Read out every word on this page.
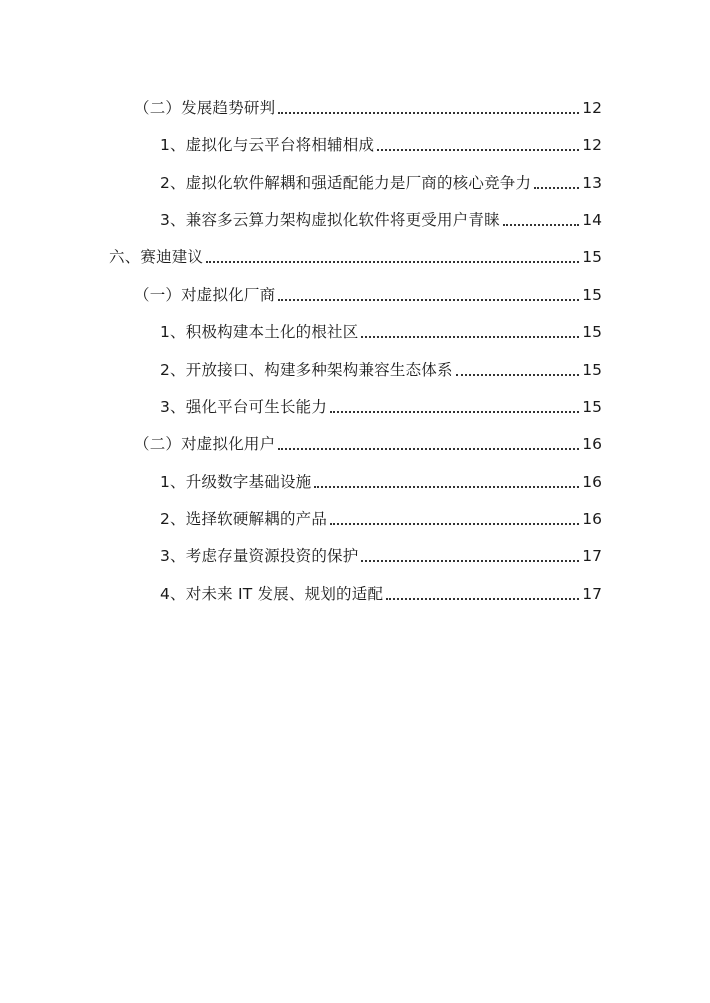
（二）发展趋势研判	12
1、虚拟化与云平台将相辅相成	12
2、虚拟化软件解耦和强适配能力是厂商的核心竞争力	13
3、兼容多云算力架构虚拟化软件将更受用户青睐	14
六、赛迪建议	15
（一）对虚拟化厂商	15
1、积极构建本土化的根社区	15
2、开放接口、构建多种架构兼容生态体系	15
3、强化平台可生长能力	15
（二）对虚拟化用户	16
1、升级数字基础设施	16
2、选择软硬解耦的产品	16
3、考虑存量资源投资的保护	17
4、对未来 IT 发展、规划的适配	17
